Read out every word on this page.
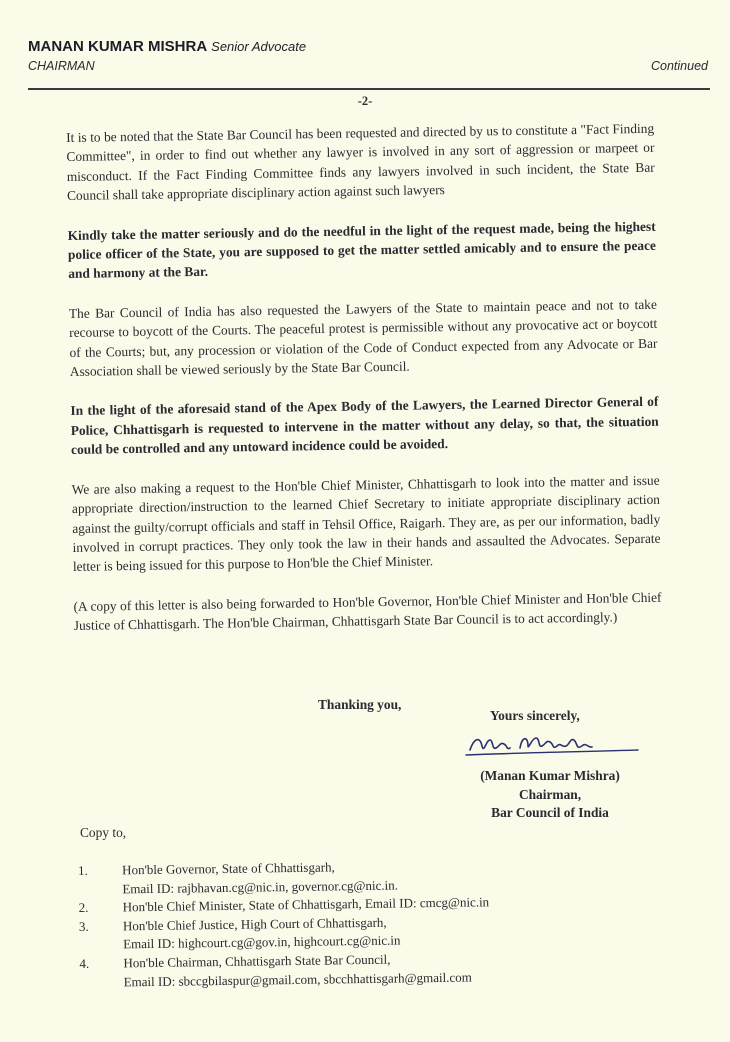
MANAN KUMAR MISHRA Senior Advocate
CHAIRMAN	Continued
-2-

It is to be noted that the State Bar Council has been requested and directed by us to constitute a "Fact Finding Committee", in order to find out whether any lawyer is involved in any sort of aggression or marpeet or misconduct. If the Fact Finding Committee finds any lawyers involved in such incident, the State Bar Council shall take appropriate disciplinary action against such lawyers

Kindly take the matter seriously and do the needful in the light of the request made, being the highest police officer of the State, you are supposed to get the matter settled amicably and to ensure the peace and harmony at the Bar.

The Bar Council of India has also requested the Lawyers of the State to maintain peace and not to take recourse to boycott of the Courts. The peaceful protest is permissible without any provocative act or boycott of the Courts; but, any procession or violation of the Code of Conduct expected from any Advocate or Bar Association shall be viewed seriously by the State Bar Council.

In the light of the aforesaid stand of the Apex Body of the Lawyers, the Learned Director General of Police, Chhattisgarh is requested to intervene in the matter without any delay, so that, the situation could be controlled and any untoward incidence could be avoided.

We are also making a request to the Hon'ble Chief Minister, Chhattisgarh to look into the matter and issue appropriate direction/instruction to the learned Chief Secretary to initiate appropriate disciplinary action against the guilty/corrupt officials and staff in Tehsil Office, Raigarh. They are, as per our information, badly involved in corrupt practices. They only took the law in their hands and assaulted the Advocates. Separate letter is being issued for this purpose to Hon'ble the Chief Minister.

(A copy of this letter is also being forwarded to Hon'ble Governor, Hon'ble Chief Minister and Hon'ble Chief Justice of Chhattisgarh. The Hon'ble Chairman, Chhattisgarh State Bar Council is to act accordingly.)

Thanking you,
Yours sincerely,
(Manan Kumar Mishra)
Chairman,
Bar Council of India
Copy to,
1.	Hon'ble Governor, State of Chhattisgarh,
Email ID: rajbhavan.cg@nic.in, governor.cg@nic.in.
2.	Hon'ble Chief Minister, State of Chhattisgarh, Email ID: cmcg@nic.in
3.	Hon'ble Chief Justice, High Court of Chhattisgarh,
Email ID: highcourt.cg@gov.in, highcourt.cg@nic.in
4.	Hon'ble Chairman, Chhattisgarh State Bar Council,
Email ID: sbccgbilaspur@gmail.com, sbcchhattisgarh@gmail.com
